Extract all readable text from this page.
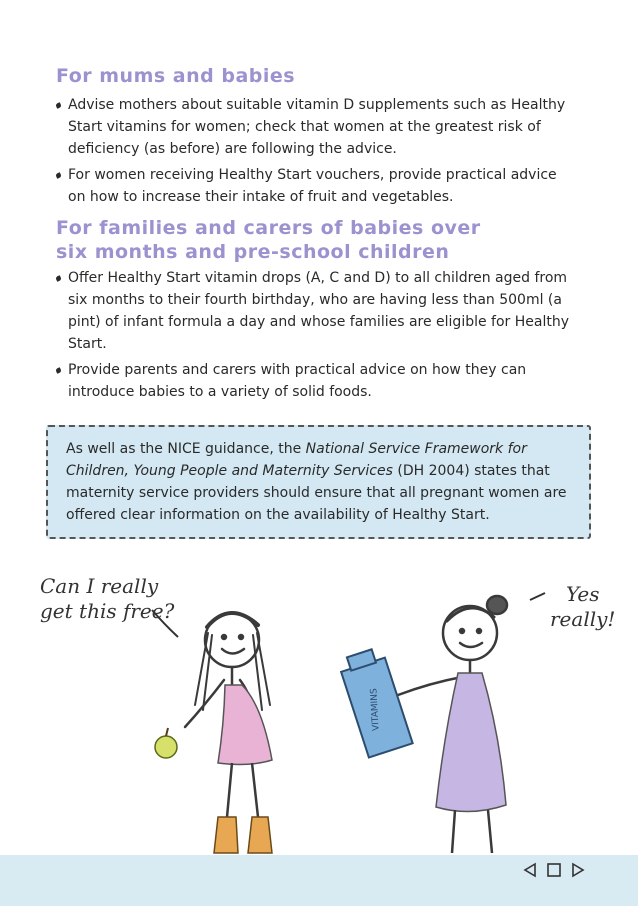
For mums and babies
Advise mothers about suitable vitamin D supplements such as Healthy Start vitamins for women; check that women at the greatest risk of deficiency (as before) are following the advice.
For women receiving Healthy Start vouchers, provide practical advice on how to increase their intake of fruit and vegetables.
For families and carers of babies over
six months and pre-school children
Offer Healthy Start vitamin drops (A, C and D) to all children aged from six months to their fourth birthday, who are having less than 500ml (a pint) of infant formula a day and whose families are eligible for Healthy Start.
Provide parents and carers with practical advice on how they can introduce babies to a variety of solid foods.
As well as the NICE guidance, the National Service Framework for Children, Young People and Maternity Services (DH 2004) states that maternity service providers should ensure that all pregnant women are offered clear information on the availability of Healthy Start.
VITAMINS
Can I really
get this free?
Yes
really!
